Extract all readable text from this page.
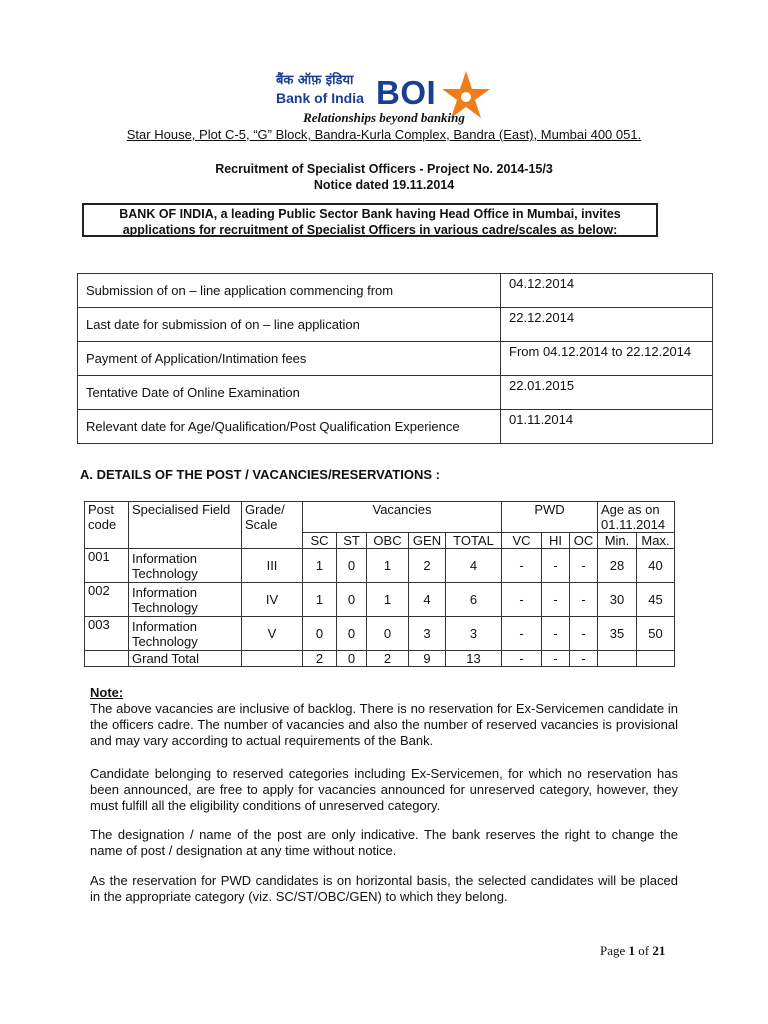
बैंक ऑफ़ इंडिया
Bank of India BOI
Relationships beyond banking
Star House, Plot C-5, “G” Block, Bandra-Kurla Complex, Bandra (East), Mumbai 400 051.
Recruitment of Specialist Officers - Project No. 2014-15/3
Notice dated 19.11.2014
BANK OF INDIA, a leading Public Sector Bank having Head Office in Mumbai, invites
applications for recruitment of Specialist Officers in various cadre/scales as below:
Submission of on – line application commencing from	04.12.2014
Last date for submission of on – line application	22.12.2014
Payment of Application/Intimation fees	From 04.12.2014 to 22.12.2014
Tentative Date of Online Examination	22.01.2015
Relevant date for Age/Qualification/Post Qualification Experience	01.11.2014
A. DETAILS OF THE POST / VACANCIES/RESERVATIONS :
Post code	Specialised Field	Grade/ Scale	Vacancies					PWD			Age as on 01.11.2014	
			SC	ST	OBC	GEN	TOTAL	VC	HI	OC	Min.	Max.
001	Information Technology	III	1	0	1	2	4	-	-	-	28	40
002	Information Technology	IV	1	0	1	4	6	-	-	-	30	45
003	Information Technology	V	0	0	0	3	3	-	-	-	35	50
	Grand Total		2	0	2	9	13	-	-	-		
Note:
The above vacancies are inclusive of backlog. There is no reservation for Ex-Servicemen candidate in the officers cadre. The number of vacancies and also the number of reserved vacancies is provisional and may vary according to actual requirements of the Bank.
Candidate belonging to reserved categories including Ex-Servicemen, for which no reservation has been announced, are free to apply for vacancies announced for unreserved category, however, they must fulfill all the eligibility conditions of unreserved category.
The designation / name of the post are only indicative. The bank reserves the right to change the name of post / designation at any time without notice.
As the reservation for PWD candidates is on horizontal basis, the selected candidates will be placed in the appropriate category (viz. SC/ST/OBC/GEN) to which they belong.
Page 1 of 21
